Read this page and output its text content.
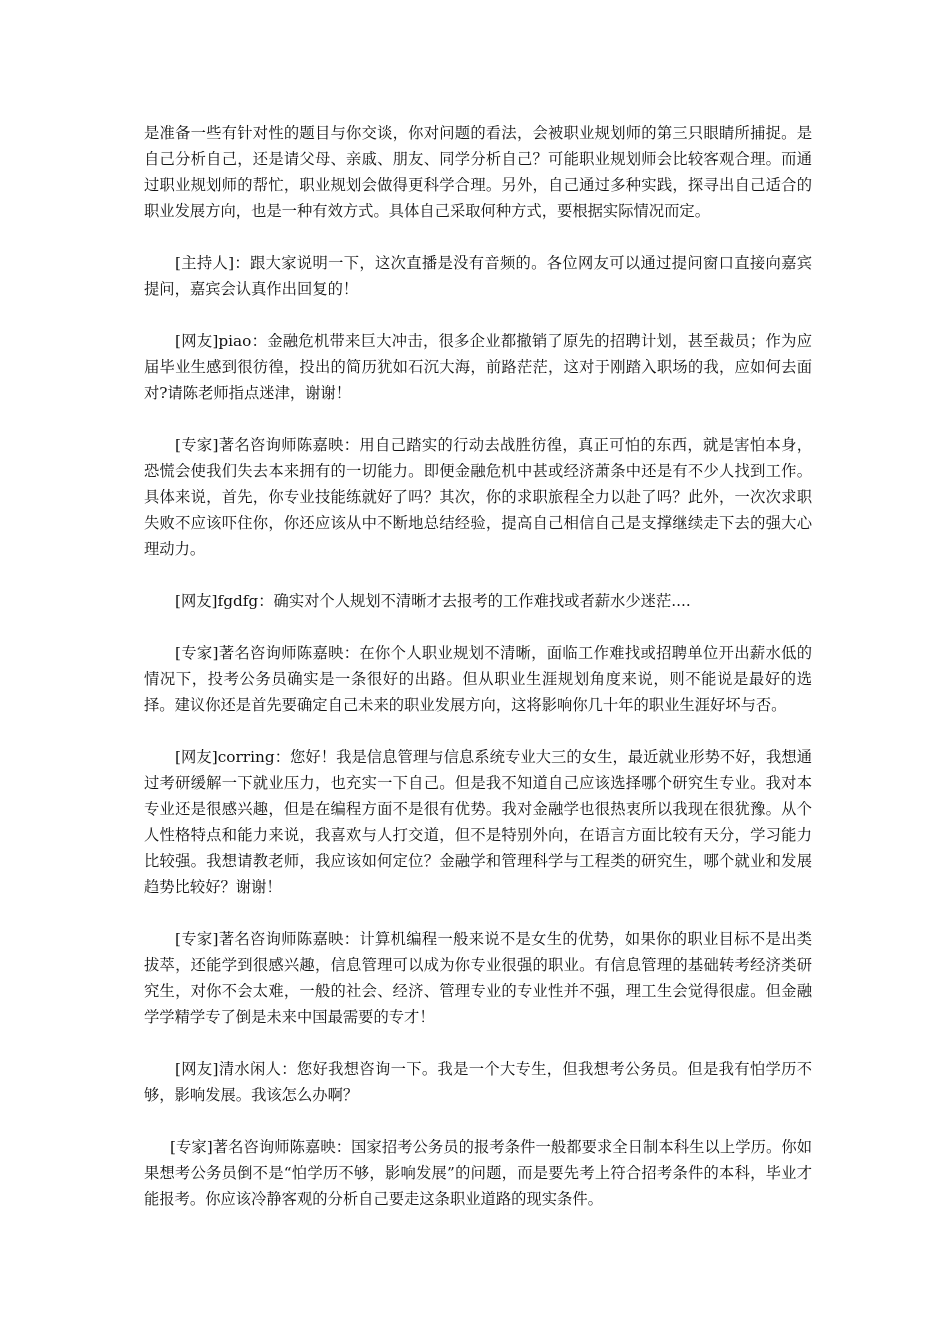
是准备一些有针对性的题目与你交谈，你对问题的看法，会被职业规划师的第三只眼睛所捕捉。是自己分析自己，还是请父母、亲戚、朋友、同学分析自己？可能职业规划师会比较客观合理。而通过职业规划师的帮忙，职业规划会做得更科学合理。另外，自己通过多种实践，探寻出自己适合的职业发展方向，也是一种有效方式。具体自己采取何种方式，要根据实际情况而定。

[主持人]：跟大家说明一下，这次直播是没有音频的。各位网友可以通过提问窗口直接向嘉宾提问，嘉宾会认真作出回复的！

[网友]piao：金融危机带来巨大冲击，很多企业都撤销了原先的招聘计划，甚至裁员；作为应届毕业生感到很彷徨，投出的简历犹如石沉大海，前路茫茫，这对于刚踏入职场的我，应如何去面对?请陈老师指点迷津，谢谢！

[专家]著名咨询师陈嘉映：用自己踏实的行动去战胜彷徨，真正可怕的东西，就是害怕本身，恐慌会使我们失去本来拥有的一切能力。即便金融危机中甚或经济萧条中还是有不少人找到工作。具体来说，首先，你专业技能练就好了吗？其次，你的求职旅程全力以赴了吗？此外，一次次求职失败不应该吓住你，你还应该从中不断地总结经验，提高自己相信自己是支撑继续走下去的强大心理动力。

[网友]fgdfg：确实对个人规划不清晰才去报考的工作难找或者薪水少迷茫....

[专家]著名咨询师陈嘉映：在你个人职业规划不清晰，面临工作难找或招聘单位开出薪水低的情况下，投考公务员确实是一条很好的出路。但从职业生涯规划角度来说，则不能说是最好的选择。建议你还是首先要确定自己未来的职业发展方向，这将影响你几十年的职业生涯好坏与否。

[网友]corring：您好！我是信息管理与信息系统专业大三的女生，最近就业形势不好，我想通过考研缓解一下就业压力，也充实一下自己。但是我不知道自己应该选择哪个研究生专业。我对本专业还是很感兴趣，但是在编程方面不是很有优势。我对金融学也很热衷所以我现在很犹豫。从个人性格特点和能力来说，我喜欢与人打交道，但不是特别外向，在语言方面比较有天分，学习能力比较强。我想请教老师，我应该如何定位？金融学和管理科学与工程类的研究生，哪个就业和发展趋势比较好？谢谢！

[专家]著名咨询师陈嘉映：计算机编程一般来说不是女生的优势，如果你的职业目标不是出类拔萃，还能学到很感兴趣，信息管理可以成为你专业很强的职业。有信息管理的基础转考经济类研究生，对你不会太难，一般的社会、经济、管理专业的专业性并不强，理工生会觉得很虚。但金融学学精学专了倒是未来中国最需要的专才！

[网友]清水闲人：您好我想咨询一下。我是一个大专生，但我想考公务员。但是我有怕学历不够，影响发展。我该怎么办啊？

[专家]著名咨询师陈嘉映：国家招考公务员的报考条件一般都要求全日制本科生以上学历。你如果想考公务员倒不是“怕学历不够，影响发展”的问题，而是要先考上符合招考条件的本科，毕业才能报考。你应该冷静客观的分析自己要走这条职业道路的现实条件。
